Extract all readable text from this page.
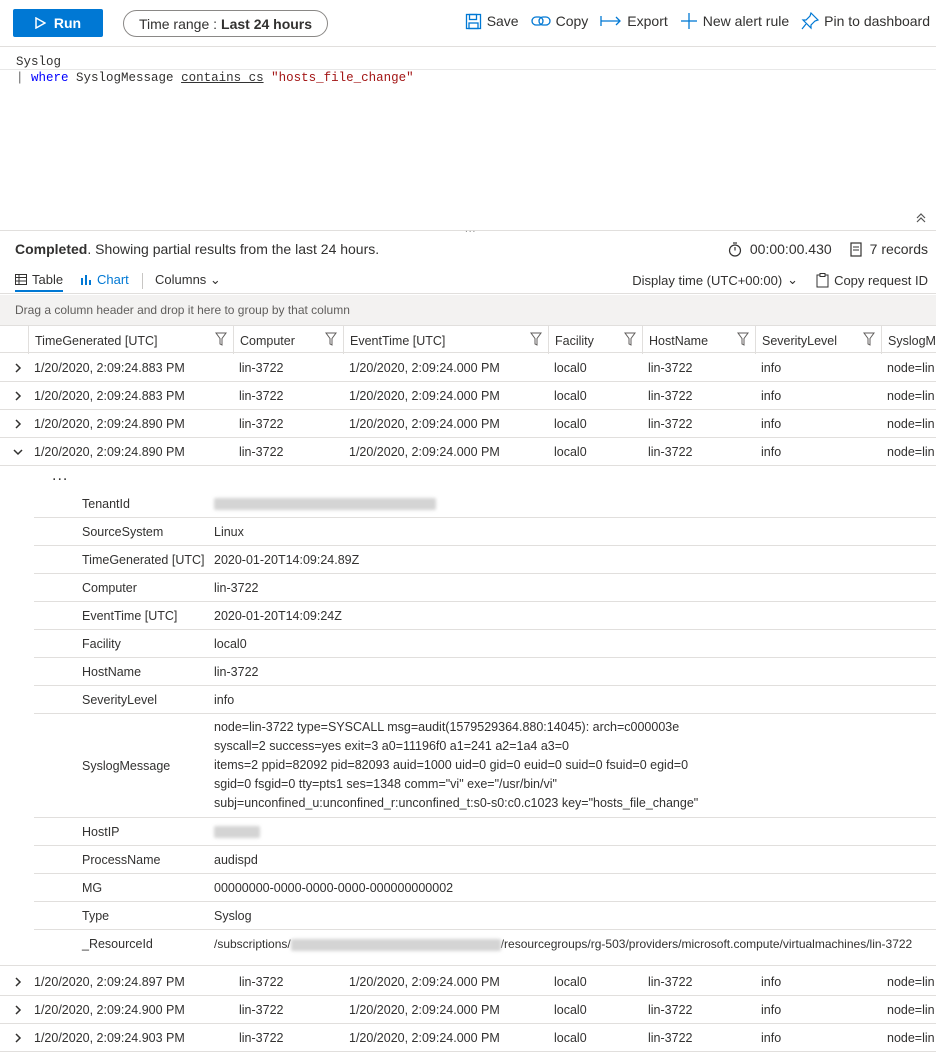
Run	Time range : Last 24 hours	Save	Copy	Export	New alert rule	Pin to dashboard
Syslog
| where SyslogMessage contains_cs "hosts_file_change"
...
Completed. Showing partial results from the last 24 hours.	00:00:00.430	7 records
Table	Chart Columns ⌄	Display time (UTC+00:00) ⌄	Copy request ID
Drag a column header and drop it here to group by that column
TimeGenerated [UTC]	Computer	EventTime [UTC]	Facility	HostName	SeverityLevel	SyslogM
1/20/2020, 2:09:24.883 PM	lin-3722	1/20/2020, 2:09:24.000 PM	local0	lin-3722	info	node=lin
1/20/2020, 2:09:24.883 PM	lin-3722	1/20/2020, 2:09:24.000 PM	local0	lin-3722	info	node=lin
1/20/2020, 2:09:24.890 PM	lin-3722	1/20/2020, 2:09:24.000 PM	local0	lin-3722	info	node=lin
1/20/2020, 2:09:24.890 PM	lin-3722	1/20/2020, 2:09:24.000 PM	local0	lin-3722	info	node=lin
1/20/2020, 2:09:24.897 PM	lin-3722	1/20/2020, 2:09:24.000 PM	local0	lin-3722	info	node=lin
1/20/2020, 2:09:24.900 PM	lin-3722	1/20/2020, 2:09:24.000 PM	local0	lin-3722	info	node=lin
1/20/2020, 2:09:24.903 PM	lin-3722	1/20/2020, 2:09:24.000 PM	local0	lin-3722	info	node=lin
...
TenantId
SourceSystem	Linux
TimeGenerated [UTC] 2020-01-20T14:09:24.89Z
Computer	lin-3722
EventTime [UTC]	2020-01-20T14:09:24Z
Facility	local0
HostName	lin-3722
SeverityLevel	info
SyslogMessage
node=lin-3722 type=SYSCALL msg=audit(1579529364.880:14045): arch=c000003e
syscall=2 success=yes exit=3 a0=11196f0 a1=241 a2=1a4 a3=0
items=2 ppid=82092 pid=82093 auid=1000 uid=0 gid=0 euid=0 suid=0 fsuid=0 egid=0
sgid=0 fsgid=0 tty=pts1 ses=1348 comm="vi" exe="/usr/bin/vi"
subj=unconfined_u:unconfined_r:unconfined_t:s0-s0:c0.c1023 key="hosts_file_change"
HostIP
ProcessName	audispd
MG	00000000-0000-0000-0000-000000000002
Type	Syslog
_ResourceId	/subscriptions/	/resourcegroups/rg-503/providers/microsoft.compute/virtualmachines/lin-3722
